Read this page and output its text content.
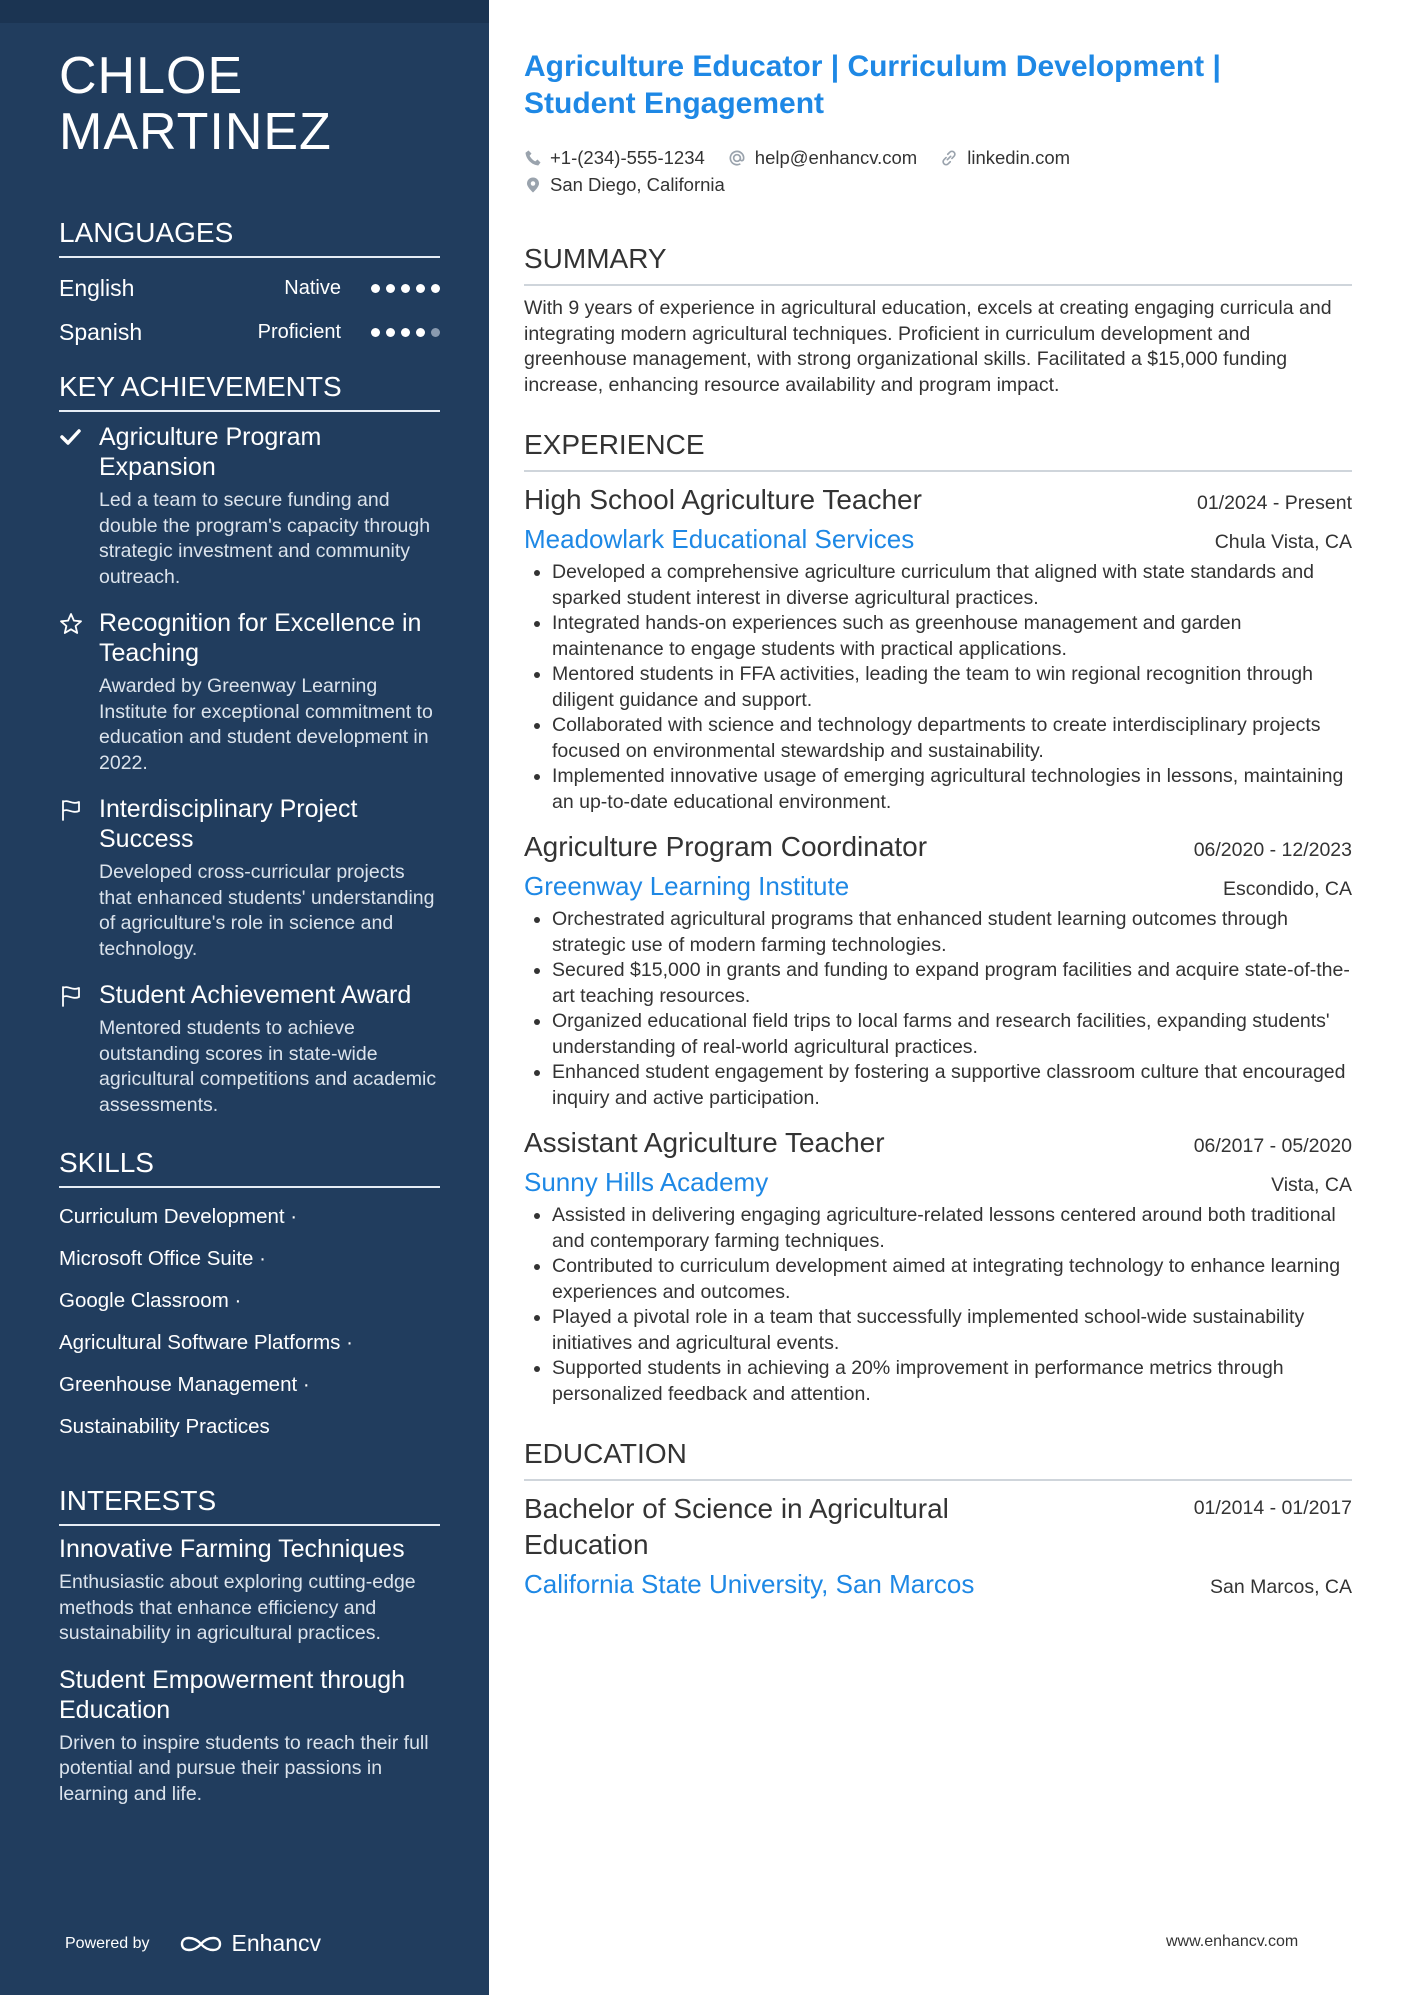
CHLOE
MARTINEZ
LANGUAGES
English	Native
Spanish	Proficient
KEY ACHIEVEMENTS
Agriculture Program Expansion
Led a team to secure funding and double the program's capacity through strategic investment and community outreach.
Recognition for Excellence in Teaching
Awarded by Greenway Learning Institute for exceptional commitment to education and student development in 2022.
Interdisciplinary Project Success
Developed cross-curricular projects that enhanced students' understanding of agriculture's role in science and technology.
Student Achievement Award
Mentored students to achieve outstanding scores in state-wide agricultural competitions and academic assessments.
SKILLS
Curriculum Development ·
Microsoft Office Suite ·
Google Classroom ·
Agricultural Software Platforms ·
Greenhouse Management ·
Sustainability Practices
INTERESTS
Innovative Farming Techniques
Enthusiastic about exploring cutting-edge methods that enhance efficiency and sustainability in agricultural practices.
Student Empowerment through Education
Driven to inspire students to reach their full potential and pursue their passions in learning and life.
Powered by	Enhancv
Agriculture Educator | Curriculum Development |
Student Engagement
+1-(234)-555-1234	help@enhancv.com	linkedin.com
San Diego, California
SUMMARY
With 9 years of experience in agricultural education, excels at creating engaging curricula and integrating modern agricultural techniques. Proficient in curriculum development and greenhouse management, with strong organizational skills. Facilitated a $15,000 funding increase, enhancing resource availability and program impact.
EXPERIENCE
High School Agriculture Teacher	01/2024 - Present
Meadowlark Educational Services	Chula Vista, CA
• Developed a comprehensive agriculture curriculum that aligned with state standards and sparked student interest in diverse agricultural practices.
• Integrated hands-on experiences such as greenhouse management and garden maintenance to engage students with practical applications.
• Mentored students in FFA activities, leading the team to win regional recognition through diligent guidance and support.
• Collaborated with science and technology departments to create interdisciplinary projects focused on environmental stewardship and sustainability.
• Implemented innovative usage of emerging agricultural technologies in lessons, maintaining an up-to-date educational environment.
Agriculture Program Coordinator	06/2020 - 12/2023
Greenway Learning Institute	Escondido, CA
• Orchestrated agricultural programs that enhanced student learning outcomes through strategic use of modern farming technologies.
• Secured $15,000 in grants and funding to expand program facilities and acquire state-of-the-art teaching resources.
• Organized educational field trips to local farms and research facilities, expanding students' understanding of real-world agricultural practices.
• Enhanced student engagement by fostering a supportive classroom culture that encouraged inquiry and active participation.
Assistant Agriculture Teacher	06/2017 - 05/2020
Sunny Hills Academy	Vista, CA
• Assisted in delivering engaging agriculture-related lessons centered around both traditional and contemporary farming techniques.
• Contributed to curriculum development aimed at integrating technology to enhance learning experiences and outcomes.
• Played a pivotal role in a team that successfully implemented school-wide sustainability initiatives and agricultural events.
• Supported students in achieving a 20% improvement in performance metrics through personalized feedback and attention.
EDUCATION
Bachelor of Science in Agricultural
Education
01/2014 - 01/2017
California State University, San Marcos	San Marcos, CA
www.enhancv.com
